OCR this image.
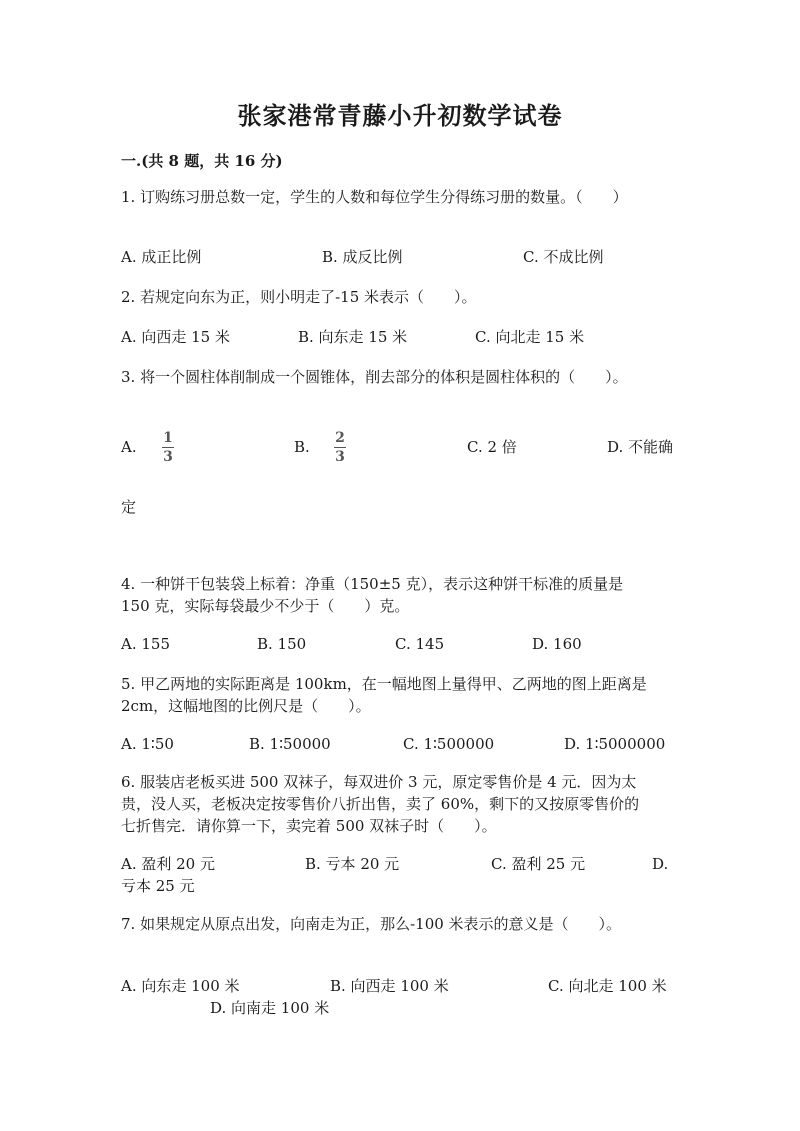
张家港常青藤小升初数学试卷
一.(共 8 题，共 16 分)
1. 订购练习册总数一定，学生的人数和每位学生分得练习册的数量。（　　）
A. 成正比例	B. 成反比例	C. 不成比例
2. 若规定向东为正，则小明走了-15 米表示（　　）。
A. 向西走 15 米	B. 向东走 15 米	C. 向北走 15 米
3. 将一个圆柱体削制成一个圆锥体，削去部分的体积是圆柱体积的（　　）。
A. 1
3
B. 2
3
C. 2 倍	D. 不能确
定
4. 一种饼干包装袋上标着：净重（150±5 克），表示这种饼干标准的质量是
150 克，实际每袋最少不少于（　　）克。
A. 155	B. 150	C. 145	D. 160
5. 甲乙两地的实际距离是 100km，在一幅地图上量得甲、乙两地的图上距离是
2cm，这幅地图的比例尺是（　　）。
A. 1∶50	B. 1∶50000	C. 1∶500000	D. 1∶5000000
6. 服装店老板买进 500 双袜子，每双进价 3 元，原定零售价是 4 元．因为太
贵，没人买，老板决定按零售价八折出售，卖了 60%，剩下的又按原零售价的
七折售完．请你算一下，卖完着 500 双袜子时（　　）。
A. 盈利 20 元	B. 亏本 20 元	C. 盈利 25 元	D.
亏本 25 元
7. 如果规定从原点出发，向南走为正，那么-100 米表示的意义是（　　）。
A. 向东走 100 米	B. 向西走 100 米	C. 向北走 100 米
D. 向南走 100 米
